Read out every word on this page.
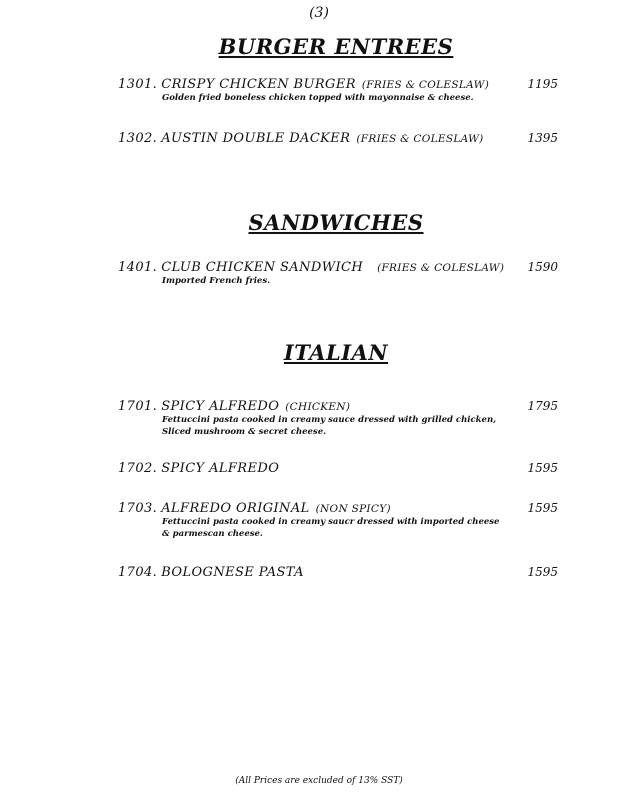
(3)
BURGER ENTREES
1301. CRISPY CHICKEN BURGER (FRIES & COLESLAW)
Golden fried boneless chicken topped with mayonnaise & cheese.
1195
1302. AUSTIN DOUBLE DACKER (FRIES & COLESLAW)	1395
SANDWICHES
1401. CLUB CHICKEN SANDWICH (FRIES & COLESLAW)
Imported French fries.
1590
ITALIAN
1701. SPICY ALFREDO (CHICKEN)
Fettuccini pasta cooked in creamy sauce dressed with grilled chicken, Sliced mushroom & secret cheese.
1795
1702. SPICY ALFREDO	1595
1703. ALFREDO ORIGINAL (NON SPICY)
Fettuccini pasta cooked in creamy saucr dressed with imported cheese & parmescan cheese.
1595
1704. BOLOGNESE PASTA	1595
(All Prices are excluded of 13% SST)
